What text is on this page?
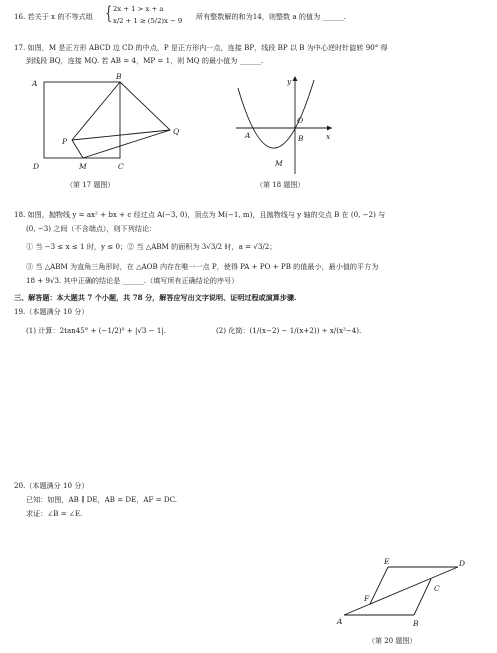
16. 若关于 x 的不等式组 { 2x + 1 > x + a
x/2 + 1 ≥ (5/2)x − 9 所有整数解的和为14，则整数 a 的值为 ______.
17. 如图，M 是正方形 ABCD 边 CD 的中点，P 是正方形内一点，连接 BP，线段 BP 以 B 为中心逆时针旋转 90° 得
到线段 BQ，连接 MQ. 若 AB = 4，MP = 1，则 MQ 的最小值为 ______.
A
B
P
Q
D	M	C
（第 17 题图）
y
O
A	B
M
x
（第 18 题图）
18. 如图，抛物线 y = ax² + bx + c 经过点 A(−3, 0)，顶点为 M(−1, m)，且抛物线与 y 轴的交点 B 在 (0, −2) 与
(0, −3) 之间（不含端点），则下列结论：
① 当 −3 ≤ x ≤ 1 时，y ≤ 0；② 当 △ABM 的面积为 3√3/2 时，a = √3/2；
③ 当 △ABM 为直角三角形时，在 △AOB 内存在唯一一点 P，使得 PA + PO + PB 的值最小，最小值的平方为
18 + 9√3. 其中正确的结论是 ______.（填写所有正确结论的序号）
三、解答题：本大题共 7 个小题，共 78 分，解答应写出文字说明、证明过程或演算步骤.
19.（本题满分 10 分）
(1) 计算：2tan45° + (−1/2)⁰ + |√3 − 1|.	(2) 化简：(1/(x−2) − 1/(x+2)) ÷ x/(x²−4).
20.（本题满分 10 分）
已知：如图，AB ∥ DE，AB = DE，AF = DC.
求证：∠B = ∠E.
E	D
F
C
A	B
（第 20 题图）
